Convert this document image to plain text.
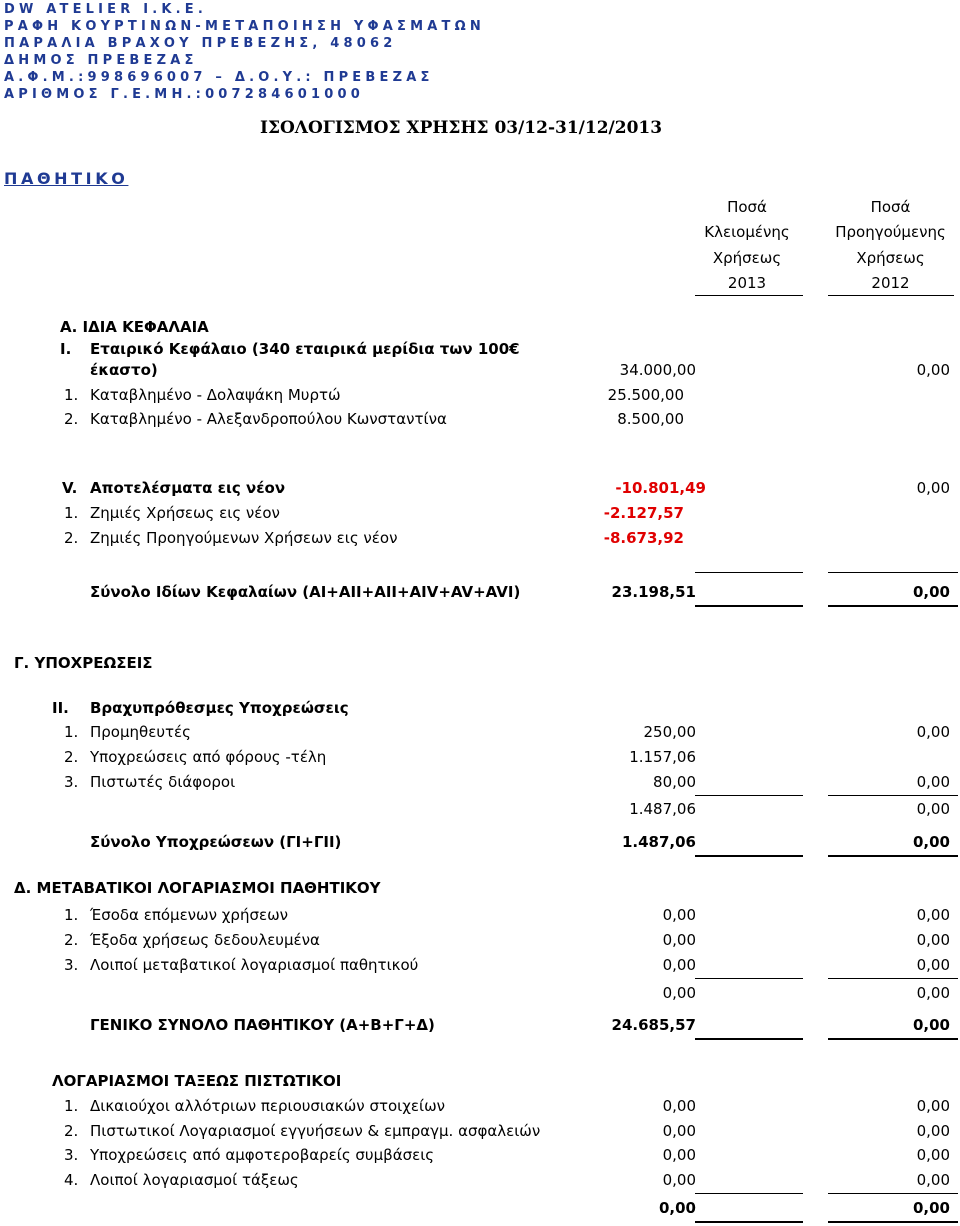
DW ATELIER Ι.Κ.Ε.
ΡΑΦΗ ΚΟΥΡΤΙΝΩΝ-ΜΕΤΑΠΟΙΗΣΗ ΥΦΑΣΜΑΤΩΝ
ΠΑΡΑΛΙΑ ΒΡΑΧΟΥ ΠΡΕΒΕΖΗΣ, 48062
ΔΗΜΟΣ ΠΡΕΒΕΖΑΣ
Α.Φ.Μ.:998696007 – Δ.Ο.Υ.: ΠΡΕΒΕΖΑΣ
ΑΡΙΘΜΟΣ Γ.Ε.ΜΗ.:007284601000
ΙΣΟΛΟΓΙΣΜΟΣ ΧΡΗΣΗΣ 03/12-31/12/2013
ΠΑΘΗΤΙΚΟ
Ποσά
Κλειομένης
Χρήσεως
2013
Ποσά
Προηγούμενης
Χρήσεως
2012
Α. ΙΔΙΑ ΚΕΦΑΛΑΙΑ
Ι. Εταιρικό Κεφάλαιο (340 εταιρικά μερίδια των 100€
έκαστο)	34.000,00	0,00
1. Καταβλημένο - Δολαψάκη Μυρτώ	25.500,00
2. Καταβλημένο - Αλεξανδροπούλου Κωνσταντίνα	8.500,00
V. Αποτελέσματα εις νέον	-10.801,49	0,00
1. Ζημιές Χρήσεως εις νέον	-2.127,57
2. Ζημιές Προηγούμενων Χρήσεων εις νέον	-8.673,92
Σύνολο Ιδίων Κεφαλαίων (ΑΙ+ΑΙΙ+ΑΙΙ+ΑΙV+AV+AVI)	23.198,51	0,00
Γ. ΥΠΟΧΡΕΩΣΕΙΣ
ΙΙ. Βραχυπρόθεσμες Υποχρεώσεις
1. Προμηθευτές	250,00	0,00
2. Υποχρεώσεις από φόρους -τέλη	1.157,06
3. Πιστωτές διάφοροι	80,00	0,00
1.487,06	0,00
Σύνολο Υποχρεώσεων (ΓΙ+ΓΙΙ)	1.487,06	0,00
Δ. ΜΕΤΑΒΑΤΙΚΟΙ ΛΟΓΑΡΙΑΣΜΟΙ ΠΑΘΗΤΙΚΟΥ
1. Έσοδα επόμενων χρήσεων	0,00	0,00
2. Έξοδα χρήσεως δεδουλευμένα	0,00	0,00
3. Λοιποί μεταβατικοί λογαριασμοί παθητικού	0,00	0,00
0,00	0,00
ΓΕΝΙΚΟ ΣΥΝΟΛΟ ΠΑΘΗΤΙΚΟΥ (Α+Β+Γ+Δ)	24.685,57	0,00
ΛΟΓΑΡΙΑΣΜΟΙ ΤΑΞΕΩΣ ΠΙΣΤΩΤΙΚΟΙ
1. Δικαιούχοι αλλότριων περιουσιακών στοιχείων	0,00	0,00
2. Πιστωτικοί Λογαριασμοί εγγυήσεων & εμπραγμ. ασφαλειών	0,00	0,00
3. Υποχρεώσεις από αμφοτεροβαρείς συμβάσεις	0,00	0,00
4. Λοιποί λογαριασμοί τάξεως	0,00	0,00
0,00	0,00
